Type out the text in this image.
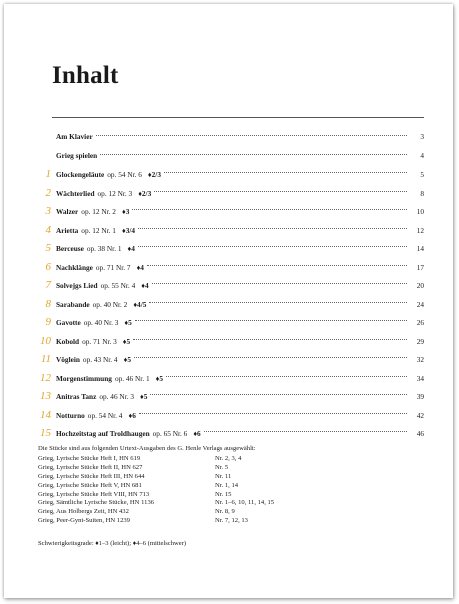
Inhalt
Am Klavier	3
Grieg spielen	4
1 Glockengeläute op. 54 Nr. 6 ♦2/3	5
2 Wächterlied op. 12 Nr. 3 ♦2/3	8
3 Walzer op. 12 Nr. 2 ♦3	10
4 Arietta op. 12 Nr. 1 ♦3/4	12
5 Berceuse op. 38 Nr. 1 ♦4	14
6 Nachklänge op. 71 Nr. 7 ♦4	17
7 Solvejgs Lied op. 55 Nr. 4 ♦4	20
8 Sarabande op. 40 Nr. 2 ♦4/5	24
9 Gavotte op. 40 Nr. 3 ♦5	26
10 Kobold op. 71 Nr. 3 ♦5	29
11 Vöglein op. 43 Nr. 4 ♦5	32
12 Morgenstimmung op. 46 Nr. 1 ♦5	34
13 Anitras Tanz op. 46 Nr. 3 ♦5	39
14 Notturno op. 54 Nr. 4 ♦6	42
15 Hochzeitstag auf Troldhaugen op. 65 Nr. 6 ♦6	46
Die Stücke sind aus folgenden Urtext-Ausgaben des G. Henle Verlags ausgewählt:
Grieg, Lyrische Stücke Heft I, HN 619	Nr. 2, 3, 4
Grieg, Lyrische Stücke Heft II, HN 627	Nr. 5
Grieg, Lyrische Stücke Heft III, HN 644	Nr. 11
Grieg, Lyrische Stücke Heft V, HN 681	Nr. 1, 14
Grieg, Lyrische Stücke Heft VIII, HN 713	Nr. 15
Grieg, Sämtliche Lyrische Stücke, HN 1136	Nr. 1–6, 10, 11, 14, 15
Grieg, Aus Holbergs Zeit, HN 432	Nr. 8, 9
Grieg, Peer-Gynt-Suiten, HN 1239	Nr. 7, 12, 13
Schwierigkeitsgrade: ♦1–3 (leicht); ♦4–6 (mittelschwer)
